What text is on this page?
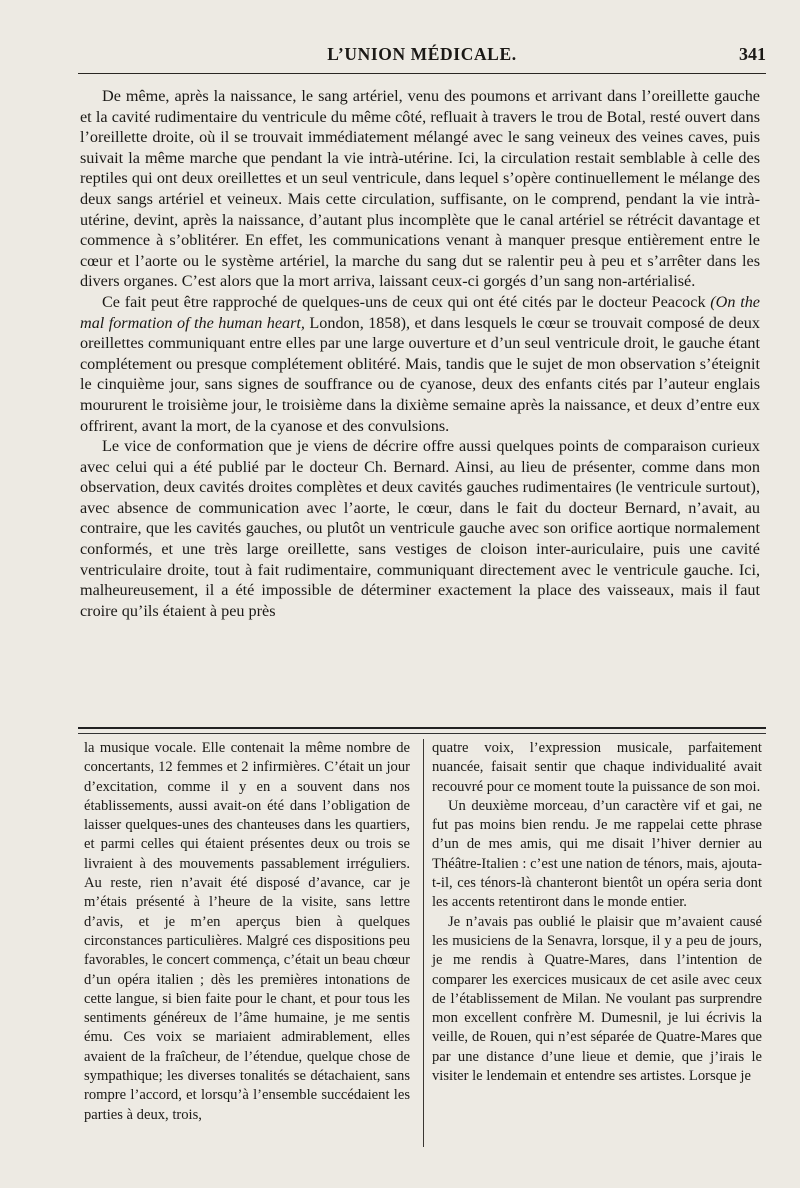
L’UNION MÉDICALE.	341

De même, après la naissance, le sang artériel, venu des poumons et arrivant dans l’oreillette gauche et la cavité rudimentaire du ventricule du même côté, refluait à travers le trou de Botal, resté ouvert dans l’oreillette droite, où il se trouvait immédiatement mélangé avec le sang veineux des veines caves, puis suivait la même marche que pendant la vie intrà-utérine. Ici, la circulation restait semblable à celle des reptiles qui ont deux oreillettes et un seul ventricule, dans lequel s’opère continuellement le mélange des deux sangs artériel et veineux. Mais cette circulation, suffisante, on le comprend, pendant la vie intrà-utérine, devint, après la naissance, d’autant plus incomplète que le canal artériel se rétrécit davantage et commence à s’oblitérer. En effet, les communications venant à manquer presque entièrement entre le cœur et l’aorte ou le système artériel, la marche du sang dut se ralentir peu à peu et s’arrêter dans les divers organes. C’est alors que la mort arriva, laissant ceux-ci gorgés d’un sang non-artérialisé.

Ce fait peut être rapproché de quelques-uns de ceux qui ont été cités par le docteur Peacock (On the mal formation of the human heart, London, 1858), et dans lesquels le cœur se trouvait composé de deux oreillettes communiquant entre elles par une large ouverture et d’un seul ventricule droit, le gauche étant complétement ou presque complétement oblitéré. Mais, tandis que le sujet de mon observation s’éteignit le cinquième jour, sans signes de souffrance ou de cyanose, deux des enfants cités par l’auteur englais moururent le troisième jour, le troisième dans la dixième semaine après la naissance, et deux d’entre eux offrirent, avant la mort, de la cyanose et des convulsions.

Le vice de conformation que je viens de décrire offre aussi quelques points de comparaison curieux avec celui qui a été publié par le docteur Ch. Bernard. Ainsi, au lieu de présenter, comme dans mon observation, deux cavités droites complètes et deux cavités gauches rudimentaires (le ventricule surtout), avec absence de communication avec l’aorte, le cœur, dans le fait du docteur Bernard, n’avait, au contraire, que les cavités gauches, ou plutôt un ventricule gauche avec son orifice aortique normalement conformés, et une très large oreillette, sans vestiges de cloison inter-auriculaire, puis une cavité ventriculaire droite, tout à fait rudimentaire, communiquant directement avec le ventricule gauche. Ici, malheureusement, il a été impossible de déterminer exactement la place des vaisseaux, mais il faut croire qu’ils étaient à peu près

la musique vocale. Elle contenait la même nombre de concertants, 12 femmes et 2 infirmières. C’était un jour d’excitation, comme il y en a souvent dans nos établissements, aussi avait-on été dans l’obligation de laisser quelques-unes des chanteuses dans les quartiers, et parmi celles qui étaient présentes deux ou trois se livraient à des mouvements passablement irréguliers. Au reste, rien n’avait été disposé d’avance, car je m’étais présenté à l’heure de la visite, sans lettre d’avis, et je m’en aperçus bien à quelques circonstances particulières. Malgré ces dispositions peu favorables, le concert commença, c’était un beau chœur d’un opéra italien ; dès les premières intonations de cette langue, si bien faite pour le chant, et pour tous les sentiments généreux de l’âme humaine, je me sentis ému. Ces voix se mariaient admirablement, elles avaient de la fraîcheur, de l’étendue, quelque chose de sympathique; les diverses tonalités se détachaient, sans rompre l’accord, et lorsqu’à l’ensemble succédaient les parties à deux, trois,

quatre voix, l’expression musicale, parfaitement nuancée, faisait sentir que chaque individualité avait recouvré pour ce moment toute la puissance de son moi.

Un deuxième morceau, d’un caractère vif et gai, ne fut pas moins bien rendu. Je me rappelai cette phrase d’un de mes amis, qui me disait l’hiver dernier au Théâtre-Italien : c’est une nation de ténors, mais, ajouta-t-il, ces ténors-là chanteront bientôt un opéra seria dont les accents retentiront dans le monde entier.

Je n’avais pas oublié le plaisir que m’avaient causé les musiciens de la Senavra, lorsque, il y a peu de jours, je me rendis à Quatre-Mares, dans l’intention de comparer les exercices musicaux de cet asile avec ceux de l’établissement de Milan. Ne voulant pas surprendre mon excellent confrère M. Dumesnil, je lui écrivis la veille, de Rouen, qui n’est séparée de Quatre-Mares que par une distance d’une lieue et demie, que j’irais le visiter le lendemain et entendre ses artistes. Lorsque je
